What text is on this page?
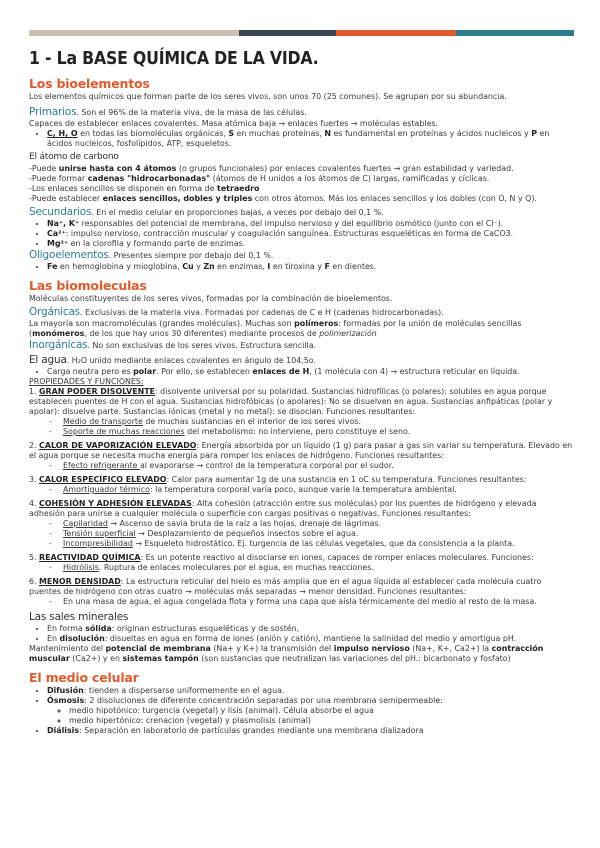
1 - La BASE QUÍMICA DE LA VIDA.
Los bioelementos

Los elementos químicos que forman parte de los seres vivos, son unos 70 (25 comunes). Se agrupan por su abundancia.

Primarios. Son el 96% de la materia viva, de la masa de las células.

Capaces de establecer enlaces covalentes. Masa atómica baja → enlaces fuertes → moléculas estables.

• C, H, O en todas las biomoléculas orgánicas, S en muchas proteínas, N es fundamental en proteínas y ácidos nucleicos y P en ácidos nucleicos, fosfolípidos, ATP, esqueletos.

El átomo de carbono

-Puede unirse hasta con 4 átomos (o grupos funcionales) por enlaces covalentes fuertes → gran estabilidad y variedad.

-Puede formar cadenas "hidrocarbonadas" (átomos de H unidos a los átomos de C) largas, ramificadas y cíclicas.

-Los enlaces sencillos se disponen en forma de tetraedro

-Puede establecer enlaces sencillos, dobles y triples con otros átomos. Más los enlaces sencillos y los dobles (con O, N y Q).

Secundarios. En el medio celular en proporciones bajas, a veces por debajo del 0,1 %.

• Na⁺, K⁺ responsables del potencial de membrana, del impulso nervioso y del equilibrio osmótico (junto con el Cl⁻).
• Ca²⁺: impulso nervioso, contracción muscular y coagulación sanguínea. Estructuras esqueléticas en forma de CaCO3.
• Mg²⁺ en la clorofila y formando parte de enzimas.

Oligoelementos. Presentes siempre por debajo del 0,1 %.

• Fe en hemoglobina y mioglobina, Cu y Zn en enzimas, I en tiroxina y F en dientes.
Las biomoleculas

Moléculas constituyentes de los seres vivos, formadas por la combinación de bioelementos.

Orgánicas. Exclusivas de la materia viva. Formadas por cadenas de C e H (cadenas hidrocarbonadas).

La mayoría son macromoléculas (grandes moléculas). Muchas son polímeros: formadas por la unión de moléculas sencillas

(monómeros, de los que hay unos 30 diferentes) mediante procesos de polimerización

Inorgánicas. No son exclusivas de los seres vivos. Estructura sencilla.

El agua. H₂O unido mediante enlaces covalentes en ángulo de 104,5o.

• Carga neutra pero es polar. Por ello, se establecen enlaces de H, (1 molécula con 4) → estructura reticular en líquida.

PROPIEDADES Y FUNCIONES:

1. GRAN PODER DISOLVENTE: disolvente universal por su polaridad. Sustancias hidrofílicas (o polares): solubles en agua porque establecen puentes de H con el agua. Sustancias hidrofóbicas (o apolares): No se disuelven en agua. Sustancias anfipáticas (polar y apolar): disuelve parte. Sustancias iónicas (metal y no metal): se disocian. Funciones resultantes:

- Medio de transporte de muchas sustancias en el interior de los seres vivos.
- Soporte de muchas reacciones del metabolismo: no interviene, pero constituye el seno.

2. CALOR DE VAPORIZACIÓN ELEVADO: Energía absorbida por un líquido (1 g) para pasar a gas sin variar su temperatura. Elevado en el agua porque se necesita mucha energía para romper los enlaces de hidrógeno. Funciones resultantes:

- Efecto refrigerante al evaporarse → control de la temperatura corporal por el sudor.

3. CALOR ESPECÍFICO ELEVADO: Calor para aumentar 1g de una sustancia en 1 oC su temperatura. Funciones resultantes:

- Amortiguador térmico: la temperatura corporal varía poco, aunque varíe la temperatura ambiental.

4. COHESIÓN Y ADHESIÓN ELEVADAS: Alta cohesión (atracción entre sus moléculas) por los puentes de hidrógeno y elevada adhesión para unirse a cualquier molécula o superficie con cargas positivas o negativas. Funciones resultantes:

- Capilaridad → Ascenso de savia bruta de la raíz a las hojas, drenaje de lágrimas.
- Tensión superficial → Desplazamiento de pequeños insectos sobre el agua.
- Incompresibilidad → Esqueleto hidrostático. Ej. turgencia de las células vegetales, que da consistencia a la planta.

5. REACTIVIDAD QUÍMICA: Es un potente reactivo al disociarse en iones, capaces de romper enlaces moleculares. Funciones:

- Hidrólisis. Ruptura de enlaces moleculares por el agua, en muchas reacciones.

6. MENOR DENSIDAD: La estructura reticular del hielo es más amplia que en el agua líquida al establecer cada molécula cuatro puentes de hidrógeno con otras cuatro → moléculas más separadas → menor densidad. Funciones resultantes:

- En una masa de agua, el agua congelada flota y forma una capa que aísla térmicamente del medio al resto de la masa.

Las sales minerales

• En forma sólida: originan estructuras esqueléticas y de sostén,
• En disolución: disueltas en agua en forma de iones (anión y catión), mantiene la salinidad del medio y amortigua pH.

Mantenimiento del potencial de membrana (Na+ y K+) la transmisión del impulso nervioso (Na+, K+, Ca2+) la contracción muscular (Ca2+) y en sistemas tampón (son sustancias que neutralizan las variaciones del pH.: bicarbonato y fosfato)

El medio celular
• Difusión: tienden a dispersarse uniformemente en el agua.
• Ósmosis: 2 disoluciones de diferente concentración separadas por una membrana semipermeable:
◦ medio hipotónico: turgencia (vegetal) y lisis (animal). Célula absorbe el agua
◦ medio hipertónico: crenacion (vegetal) y plasmolisis (animal)
• Diálisis: Separación en laboratorio de partículas grandes mediante una membrana dializadora
